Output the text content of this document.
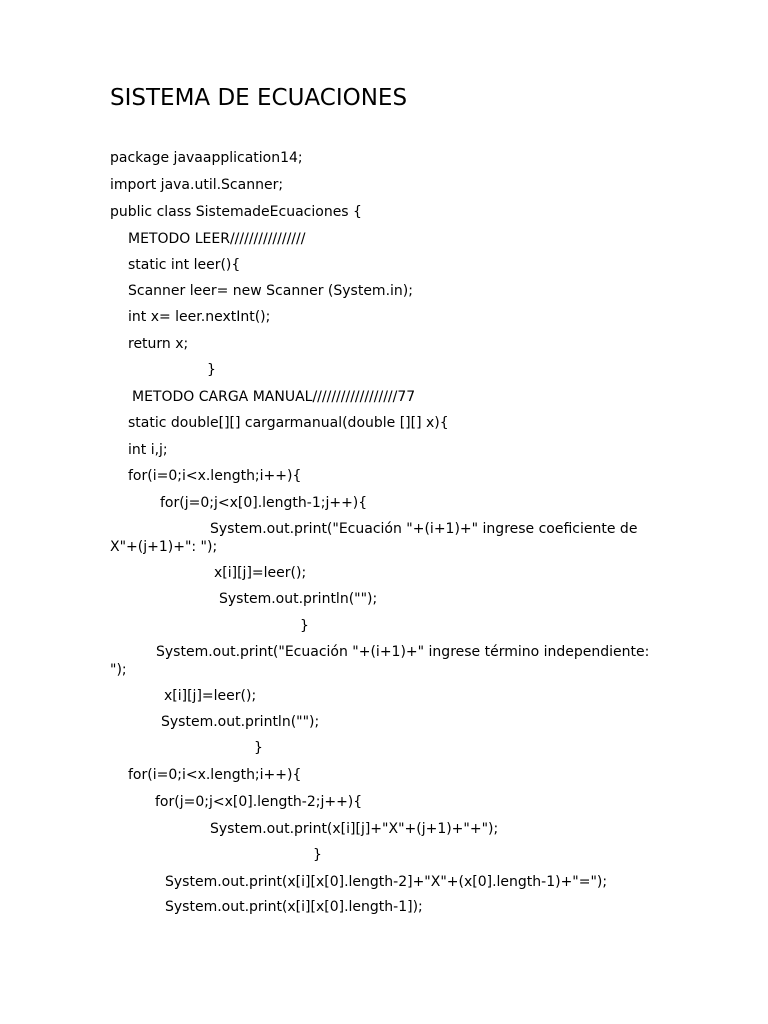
SISTEMA DE ECUACIONES
package javaapplication14;
import java.util.Scanner;
public class SistemadeEcuaciones {
METODO LEER////////////////
static int leer(){
Scanner leer= new Scanner (System.in);
int x= leer.nextInt();
return x;
}
METODO CARGA MANUAL//////////////////77
static double[][] cargarmanual(double [][] x){
int i,j;
for(i=0;i<x.length;i++){
for(j=0;j<x[0].length-1;j++){
System.out.print("Ecuación "+(i+1)+" ingrese coeficiente de X"+(j+1)+": ");
x[i][j]=leer();
System.out.println("");
}
System.out.print("Ecuación "+(i+1)+" ingrese término independiente: ");
x[i][j]=leer();
System.out.println("");
}
for(i=0;i<x.length;i++){
for(j=0;j<x[0].length-2;j++){
System.out.print(x[i][j]+"X"+(j+1)+"+");
}
System.out.print(x[i][x[0].length-2]+"X"+(x[0].length-1)+"=");
System.out.print(x[i][x[0].length-1]);
